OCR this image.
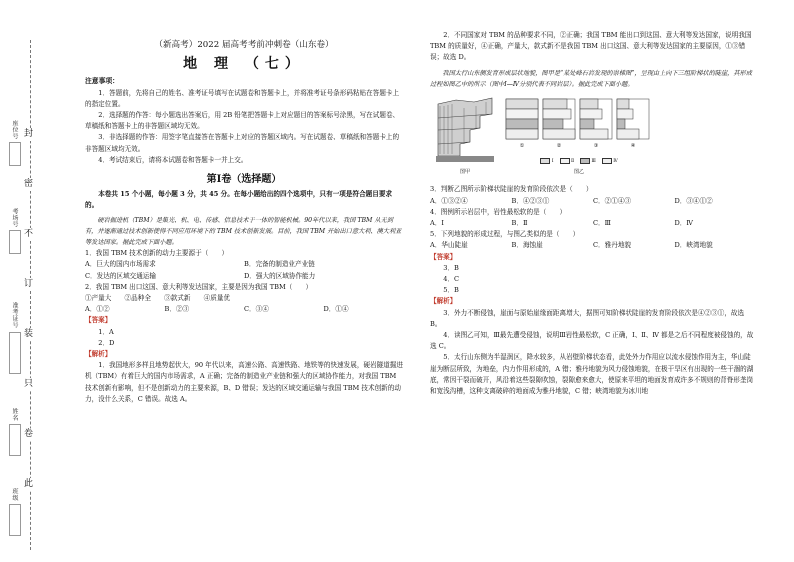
封
密
不
订
装
只
卷
此
座位号
考场号
准考证号
姓名
班级
（新高考）2022 届高考考前冲刺卷（山东卷）
地 理 （七）

注意事项：

1．答题前，先将自己的姓名、准考证号填写在试题卷和答题卡上，并将准考证号条形码粘贴在答题卡上的指定位置。

2．选择题的作答：每小题选出答案后，用 2B 铅笔把答题卡上对应题目的答案标号涂黑，写在试题卷、草稿纸和答题卡上的非答题区域均无效。

3．非选择题的作答：用签字笔直接答在答题卡上对应的答题区域内。写在试题卷、草稿纸和答题卡上的非答题区域均无效。

4．考试结束后，请将本试题卷和答题卡一并上交。

第Ⅰ卷（选择题）

本卷共 15 个小题，每小题 3 分，共 45 分。在每小题给出的四个选项中，只有一项是符合题目要求的。

硬岩掘进机（TBM）是集光、机、电、传感、信息技术于一体的智能机械。90年代以来，我国 TBM 从无到有，并逐渐通过技术创新使得不同应用环境下的 TBM 技术创新发展。目前，我国 TBM 开始出口意大利、澳大利亚等发达国家。据此完成下面小题。

1．我国 TBM 技术创新的动力主要源于（　　）

A．巨大的国内市场需求	B．完备的制造业产业链
C．发达的区域交通运输	D．强大的区域协作能力

2．我国 TBM 出口这国、意大利等发达国家，主要是因为我国 TBM（　　）

①产量大　　②品种全　　③款式新　　④质量优

A．①②	B．②③	C．③④	D．①④

【答案】

1．A

2．D

【解析】

1．我国地形多样且地势起伏大，90 年代以来，高速公路、高速铁路、地铁等的快速发展，硬岩隧道掘进机（TBM）有着巨大的国内市场需求，A 正确；完备的制造业产业链和强大的区域协作能力，对我国 TBM 技术创新有影响，但不是创新动力的主要来源，B、D 错误；发达的区域交通运输与我国 TBM 技术创新的动力，没什么关系，C 错误。故选 A。

2．不同国家对 TBM 的品种要求不同，②正确；我国 TBM 能出口到这国、意大利等发达国家，说明我国 TBM 的质量好，④正确，产量大，款式新不是我国 TBM 出口这国、意大利等发达国家的主要原因，①③错误；故选 D。

我国太行山东侧发育形成层状地貌，图甲是“某处峰石岩发现的崇梯图”，呈现由上向下三组阶梯状的陡崖，其形成过程如图乙中的所示（图中Ⅰ—Ⅳ分别代表不同岩层）。据此完成下面小题。

图甲
①	②	③	④
Ⅰ	Ⅱ	Ⅲ	Ⅳ
图乙

3．判断乙图所示阶梯状陡崖的发育阶段依次是（　　）

A．①③②④	B．④②③①	C．②①④③	D．③④①②

4．图例所示岩层中，岩性最松软的是（　　）

A．Ⅰ	B．Ⅱ	C．Ⅲ	D．Ⅳ

5．下列地貌的形成过程，与图乙类似的是（　　）

A．华山陡崖	B．海蚀崖	C．雅丹地貌	D．峡湾地貌

【答案】

3．B

4．C

5．B

【解析】

3．外力不断侵蚀，崖面与原始崖缘面距离增大，据图可知阶梯状陡崖的发育阶段依次是④②③①，故选 B。

4．读图乙可知，Ⅲ最先遭受侵蚀，说明Ⅲ岩性最松软，C 正确，Ⅰ、Ⅱ、Ⅳ 都是之后不同程度被侵蚀的，故选 C。

5．太行山东侧为半湿润区，降水较多，从岩壁阶梯状态看，此处外力作用应以流水侵蚀作用为主，华山陡崖为断层所致，为地垒，内力作用形成的，A 错；雅丹地貌为风力侵蚀地貌，在极干旱区有出现的一些干涸的湖底，常因干裂而破开，风沿着这些裂隙吹蚀，裂隙愈来愈大，使原来平坦的地面发育成许多不规则的背脊形垄岗和宽浅沟槽，这种支离破碎的地面成为雅丹地貌，C 错；峡湾地貌为冰川地
